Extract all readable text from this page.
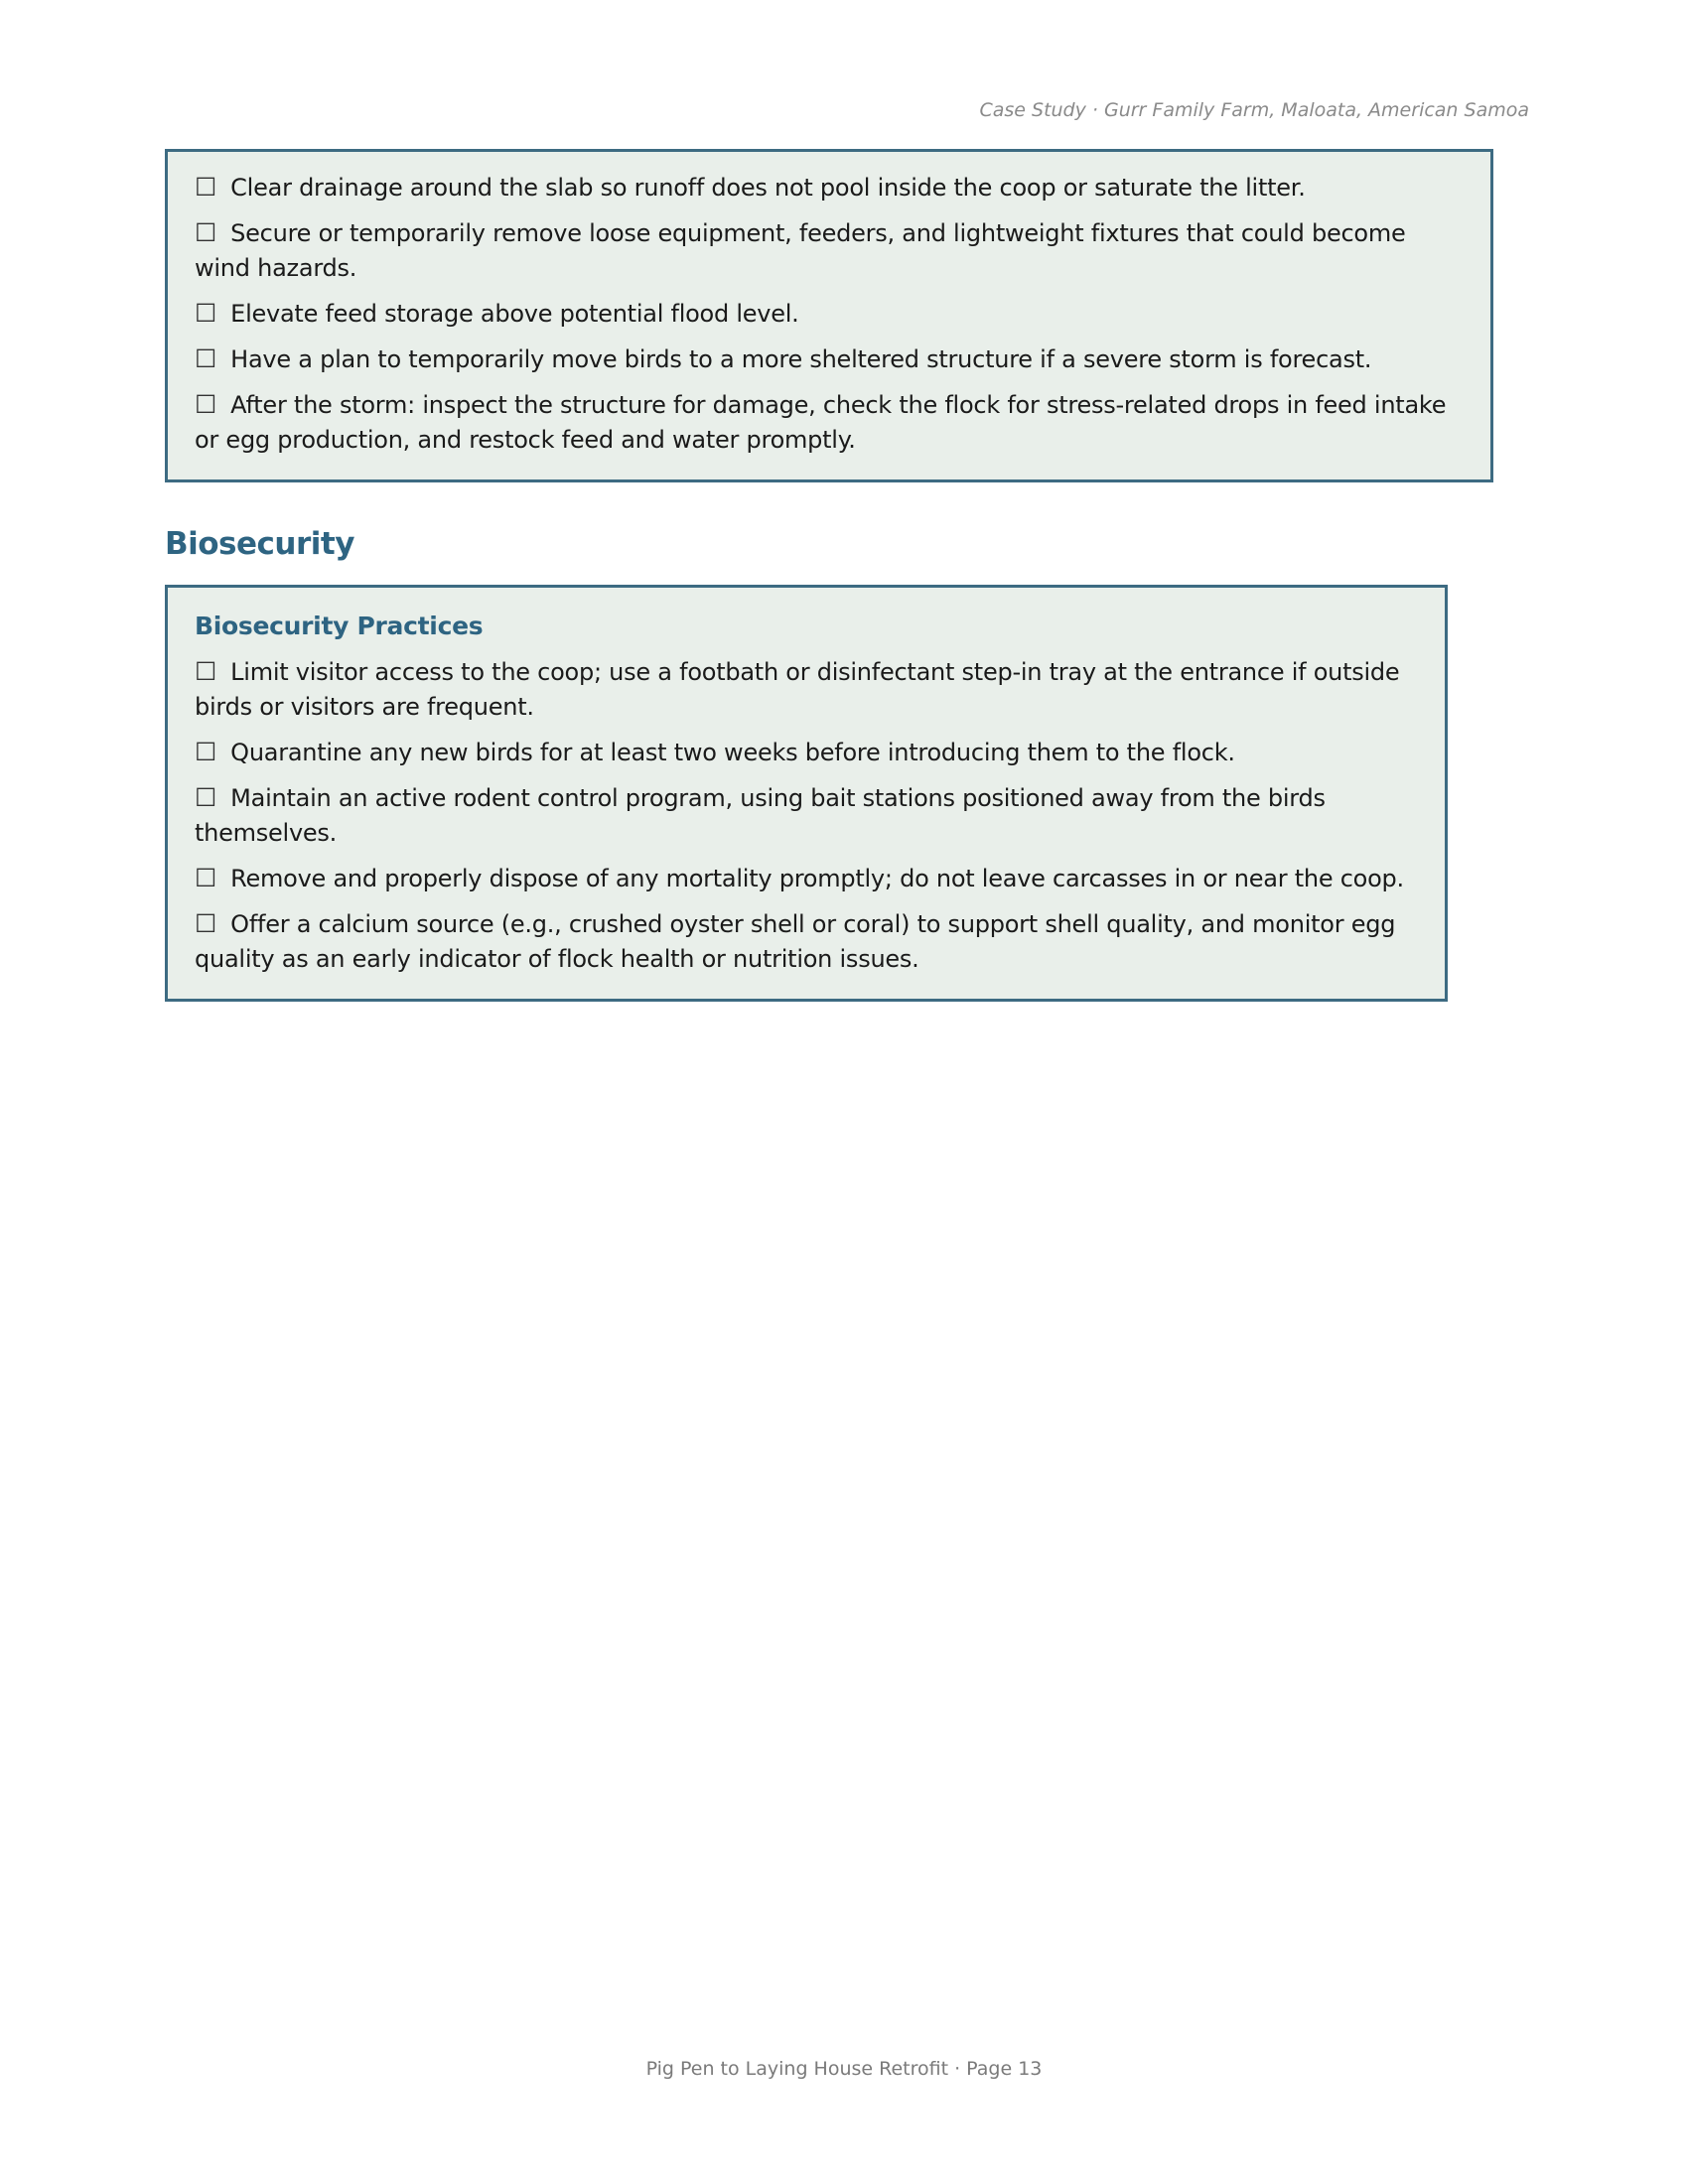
Case Study · Gurr Family Farm, Maloata, American Samoa
☐ Clear drainage around the slab so runoff does not pool inside the coop or saturate the litter.
☐ Secure or temporarily remove loose equipment, feeders, and lightweight fixtures that could become wind hazards.
☐ Elevate feed storage above potential flood level.
☐ Have a plan to temporarily move birds to a more sheltered structure if a severe storm is forecast.
☐ After the storm: inspect the structure for damage, check the flock for stress-related drops in feed intake or egg production, and restock feed and water promptly.
Biosecurity
Biosecurity Practices
☐ Limit visitor access to the coop; use a footbath or disinfectant step-in tray at the entrance if outside birds or visitors are frequent.
☐ Quarantine any new birds for at least two weeks before introducing them to the flock.
☐ Maintain an active rodent control program, using bait stations positioned away from the birds themselves.
☐ Remove and properly dispose of any mortality promptly; do not leave carcasses in or near the coop.
☐ Offer a calcium source (e.g., crushed oyster shell or coral) to support shell quality, and monitor egg quality as an early indicator of flock health or nutrition issues.
Pig Pen to Laying House Retrofit · Page 13
